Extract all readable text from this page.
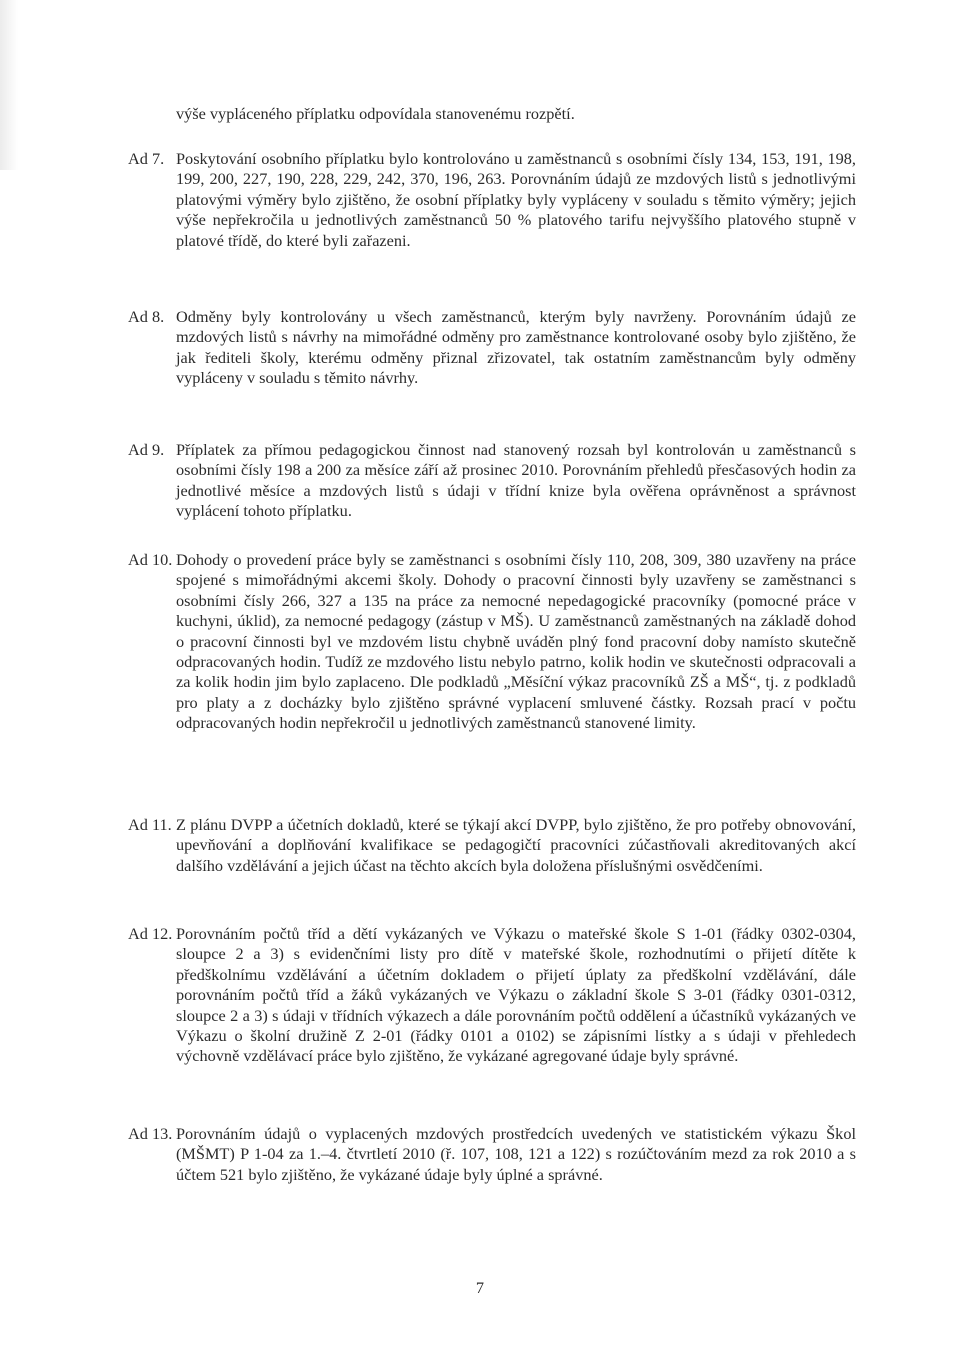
výše vypláceného příplatku odpovídala stanovenému rozpětí.
Ad 7. Poskytování osobního příplatku bylo kontrolováno u zaměstnanců s osobními čísly 134, 153, 191, 198, 199, 200, 227, 190, 228, 229, 242, 370, 196, 263. Porovnáním údajů ze mzdových listů s jednotlivými platovými výměry bylo zjištěno, že osobní příplatky byly vypláceny v souladu s těmito výměry; jejich výše nepřekročila u jednotlivých zaměstnanců 50 % platového tarifu nejvyššího platového stupně v platové třídě, do které byli zařazeni.
Ad 8. Odměny byly kontrolovány u všech zaměstnanců, kterým byly navrženy. Porovnáním údajů ze mzdových listů s návrhy na mimořádné odměny pro zaměstnance kontrolované osoby bylo zjištěno, že jak řediteli školy, kterému odměny přiznal zřizovatel, tak ostatním zaměstnancům byly odměny vypláceny v souladu s těmito návrhy.
Ad 9. Příplatek za přímou pedagogickou činnost nad stanovený rozsah byl kontrolován u zaměstnanců s osobními čísly 198 a 200 za měsíce září až prosinec 2010. Porovnáním přehledů přesčasových hodin za jednotlivé měsíce a mzdových listů s údaji v třídní knize byla ověřena oprávněnost a správnost vyplácení tohoto příplatku.
Ad 10. Dohody o provedení práce byly se zaměstnanci s osobními čísly 110, 208, 309, 380 uzavřeny na práce spojené s mimořádnými akcemi školy. Dohody o pracovní činnosti byly uzavřeny se zaměstnanci s osobními čísly 266, 327 a 135 na práce za nemocné nepedagogické pracovníky (pomocné práce v kuchyni, úklid), za nemocné pedagogy (zástup v MŠ). U zaměstnanců zaměstnaných na základě dohod o pracovní činnosti byl ve mzdovém listu chybně uváděn plný fond pracovní doby namísto skutečně odpracovaných hodin. Tudíž ze mzdového listu nebylo patrno, kolik hodin ve skutečnosti odpracovali a za kolik hodin jim bylo zaplaceno. Dle podkladů „Měsíční výkaz pracovníků ZŠ a MŠ“, tj. z podkladů pro platy a z docházky bylo zjištěno správné vyplacení smluvené částky. Rozsah prací v počtu odpracovaných hodin nepřekročil u jednotlivých zaměstnanců stanovené limity.
Ad 11. Z plánu DVPP a účetních dokladů, které se týkají akcí DVPP, bylo zjištěno, že pro potřeby obnovování, upevňování a doplňování kvalifikace se pedagogičtí pracovníci zúčastňovali akreditovaných akcí dalšího vzdělávání a jejich účast na těchto akcích byla doložena příslušnými osvědčeními.
Ad 12. Porovnáním počtů tříd a dětí vykázaných ve Výkazu o mateřské škole S 1-01 (řádky 0302-0304, sloupce 2 a 3) s evidenčními listy pro dítě v mateřské škole, rozhodnutími o přijetí dítěte k předškolnímu vzdělávání a účetním dokladem o přijetí úplaty za předškolní vzdělávání, dále porovnáním počtů tříd a žáků vykázaných ve Výkazu o základní škole S 3-01 (řádky 0301-0312, sloupce 2 a 3) s údaji v třídních výkazech a dále porovnáním počtů oddělení a účastníků vykázaných ve Výkazu o školní družině Z 2-01 (řádky 0101 a 0102) se zápisními lístky a s údaji v přehledech výchovně vzdělávací práce bylo zjištěno, že vykázané agregované údaje byly správné.
Ad 13. Porovnáním údajů o vyplacených mzdových prostředcích uvedených ve statistickém výkazu Škol (MŠMT) P 1-04 za 1.–4. čtvrtletí 2010 (ř. 107, 108, 121 a 122) s rozúčtováním mezd za rok 2010 a s účtem 521 bylo zjištěno, že vykázané údaje byly úplné a správné.
7
